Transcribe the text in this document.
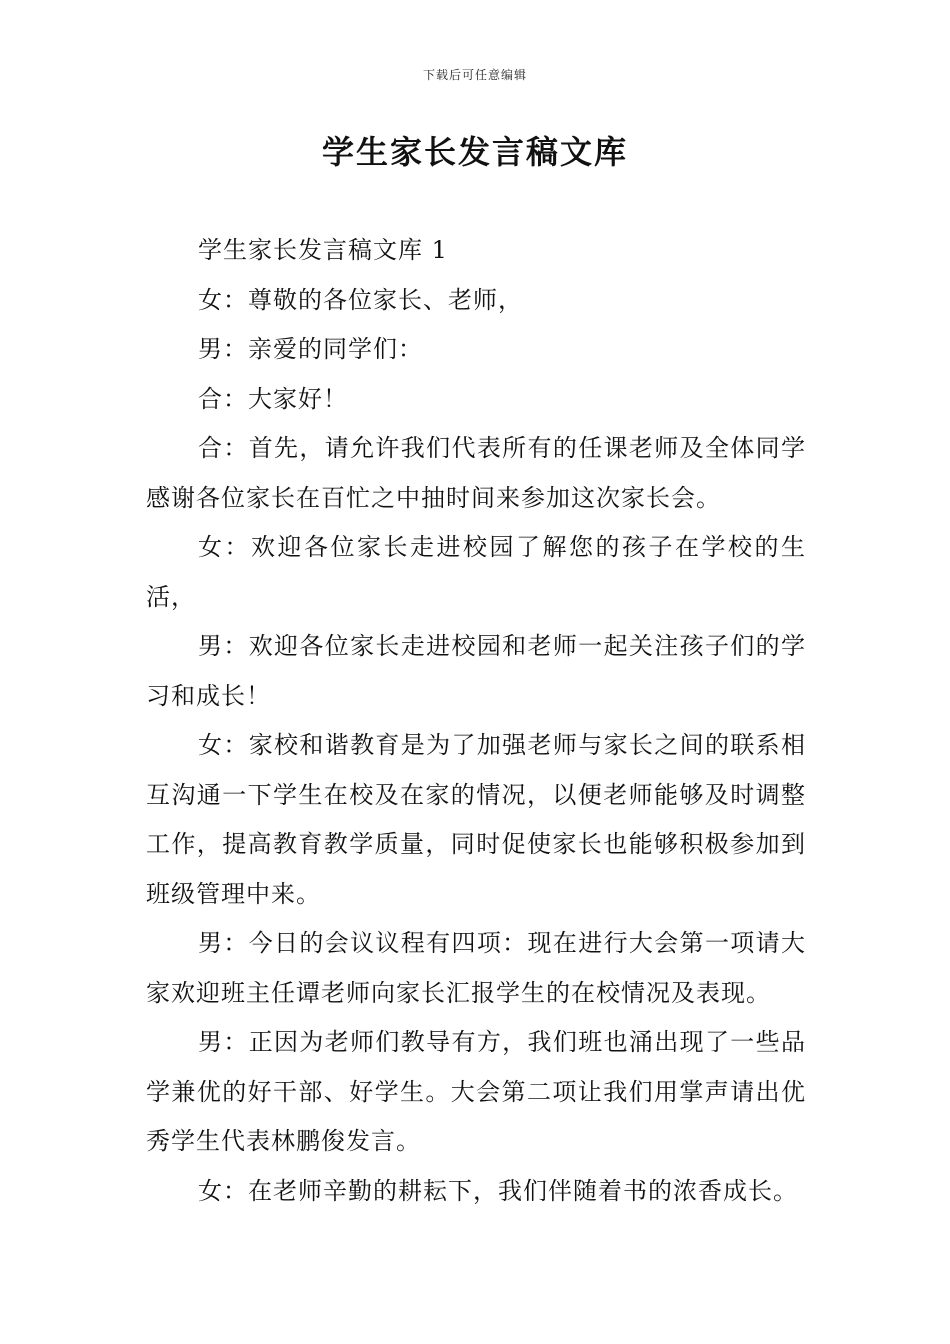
下载后可任意编辑
学生家长发言稿文库

学生家长发言稿文库 1

女：尊敬的各位家长、老师，

男：亲爱的同学们：

合：大家好！

合：首先，请允许我们代表所有的任课老师及全体同学感谢各位家长在百忙之中抽时间来参加这次家长会。

女：欢迎各位家长走进校园了解您的孩子在学校的生活，

男：欢迎各位家长走进校园和老师一起关注孩子们的学习和成长！

女：家校和谐教育是为了加强老师与家长之间的联系相互沟通一下学生在校及在家的情况，以便老师能够及时调整工作，提高教育教学质量，同时促使家长也能够积极参加到班级管理中来。

男：今日的会议议程有四项：现在进行大会第一项请大家欢迎班主任谭老师向家长汇报学生的在校情况及表现。

男：正因为老师们教导有方，我们班也涌出现了一些品学兼优的好干部、好学生。大会第二项让我们用掌声请出优秀学生代表林鹏俊发言。

女：在老师辛勤的耕耘下，我们伴随着书的浓香成长。
